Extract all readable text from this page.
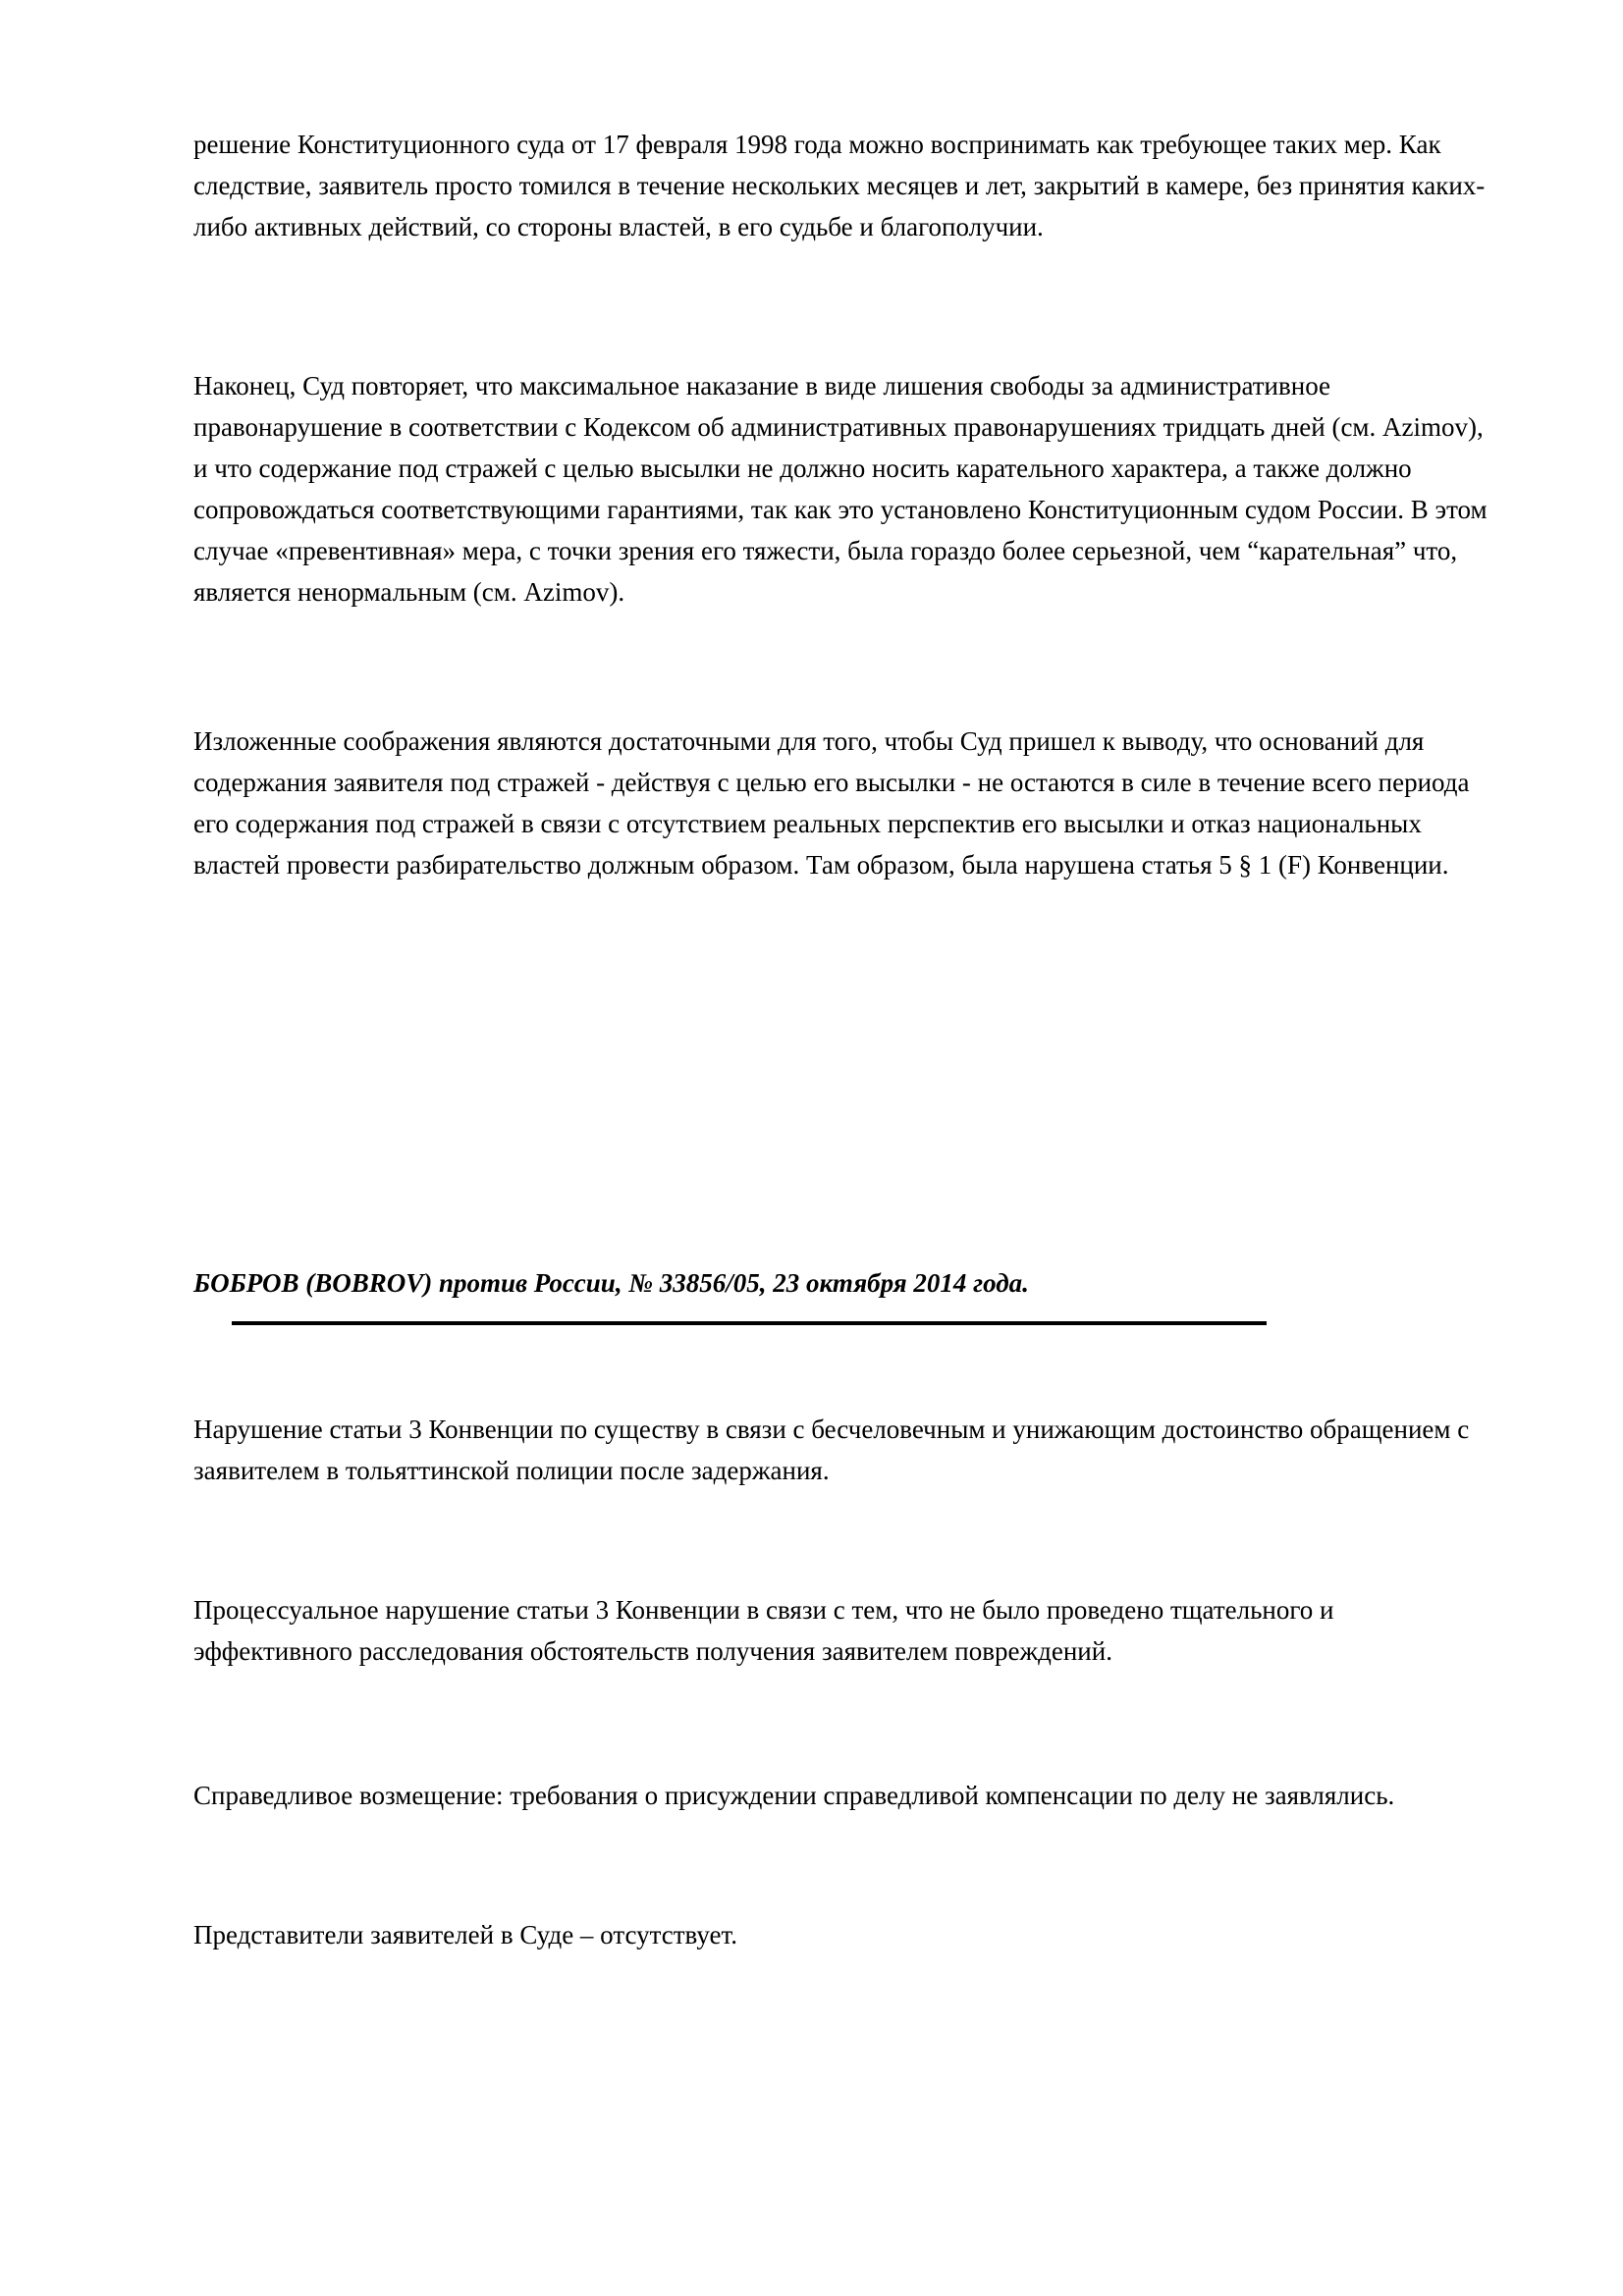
решение Конституционного суда от 17 февраля 1998 года можно воспринимать как требующее таких мер. Как следствие, заявитель просто томился в течение нескольких месяцев и лет, закрытий в камере, без принятия каких-либо активных действий, со стороны властей, в его судьбе и благополучии.

Наконец, Суд повторяет, что максимальное наказание в виде лишения свободы за административное правонарушение в соответствии с Кодексом об административных правонарушениях тридцать дней (см. Azimov), и что содержание под стражей с целью высылки не должно носить карательного характера, а также должно сопровождаться соответствующими гарантиями, так как это установлено Конституционным судом России. В этом случае «превентивная» мера, с точки зрения его тяжести, была гораздо более серьезной, чем “карательная” что, является ненормальным (см. Azimov).

Изложенные соображения являются достаточными для того, чтобы Суд пришел к выводу, что оснований для содержания заявителя под стражей - действуя с целью его высылки - не остаются в силе в течение всего периода его содержания под стражей в связи с отсутствием реальных перспектив его высылки и отказ национальных властей провести разбирательство должным образом. Там образом, была нарушена статья 5 § 1 (F) Конвенции.

БОБРОВ (BOBROV) против России, № 33856/05, 23 октября 2014 года.

Нарушение статьи 3 Конвенции по существу в связи с бесчеловечным и унижающим достоинство обращением с заявителем в тольяттинской полиции после задержания.

Процессуальное нарушение статьи 3 Конвенции в связи с тем, что не было проведено тщательного и эффективного расследования обстоятельств получения заявителем повреждений.

Справедливое возмещение: требования о присуждении справедливой компенсации по делу не заявлялись.

Представители заявителей в Суде – отсутствует.
